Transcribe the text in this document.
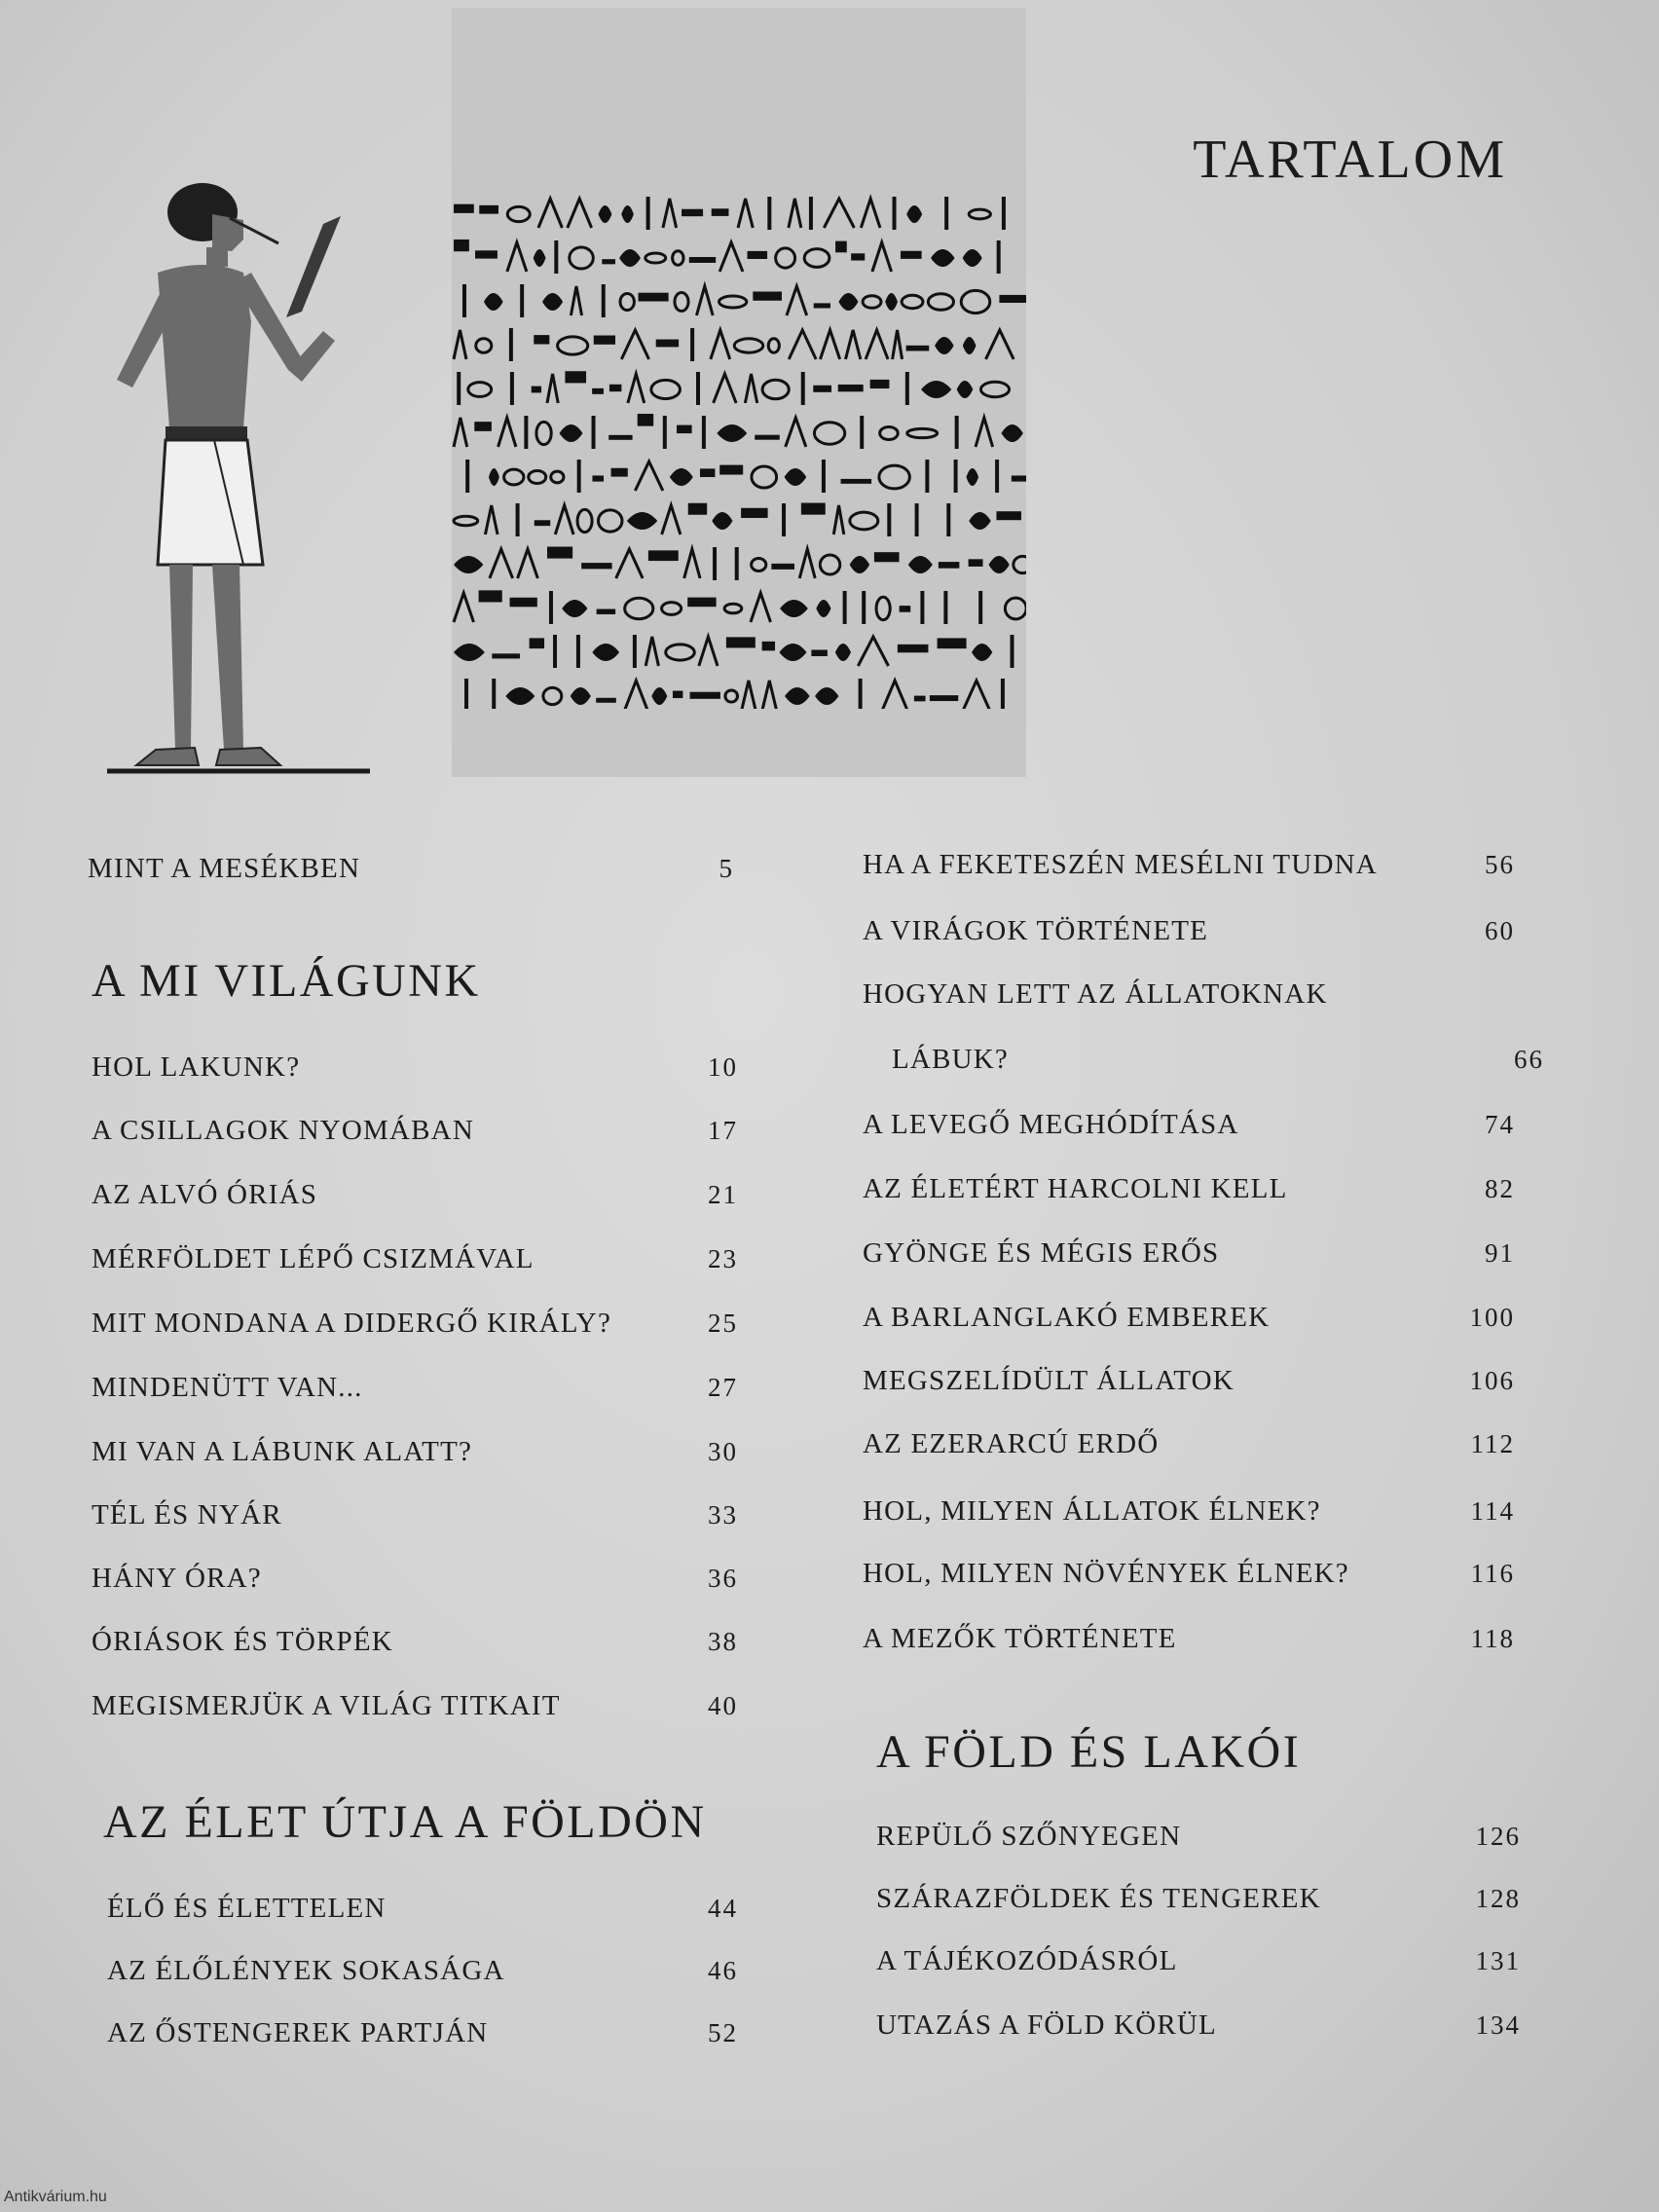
TARTALOM
MINT A MESÉKBEN	5
A MI VILÁGUNK
HOL LAKUNK?	10
A CSILLAGOK NYOMÁBAN	17
AZ ALVÓ ÓRIÁS	21
MÉRFÖLDET LÉPŐ CSIZMÁVAL	23
MIT MONDANA A DIDERGŐ KIRÁLY?	25
MINDENÜTT VAN...	27
MI VAN A LÁBUNK ALATT?	30
TÉL ÉS NYÁR	33
HÁNY ÓRA?	36
ÓRIÁSOK ÉS TÖRPÉK	38
MEGISMERJÜK A VILÁG TITKAIT	40
AZ ÉLET ÚTJA A FÖLDÖN
ÉLŐ ÉS ÉLETTELEN	44
AZ ÉLŐLÉNYEK SOKASÁGA	46
AZ ŐSTENGEREK PARTJÁN	52
HA A FEKETESZÉN MESÉLNI TUDNA	56
A VIRÁGOK TÖRTÉNETE	60
HOGYAN LETT AZ ÁLLATOKNAK
LÁBUK?	66
A LEVEGŐ MEGHÓDÍTÁSA	74
AZ ÉLETÉRT HARCOLNI KELL	82
GYÖNGE ÉS MÉGIS ERŐS	91
A BARLANGLAKÓ EMBEREK	100
MEGSZELÍDÜLT ÁLLATOK	106
AZ EZERARCÚ ERDŐ	112
HOL, MILYEN ÁLLATOK ÉLNEK?	114
HOL, MILYEN NÖVÉNYEK ÉLNEK?	116
A MEZŐK TÖRTÉNETE	118
A FÖLD ÉS LAKÓI
REPÜLŐ SZŐNYEGEN	126
SZÁRAZFÖLDEK ÉS TENGEREK	128
A TÁJÉKOZÓDÁSRÓL	131
UTAZÁS A FÖLD KÖRÜL	134
Antikvárium.hu
